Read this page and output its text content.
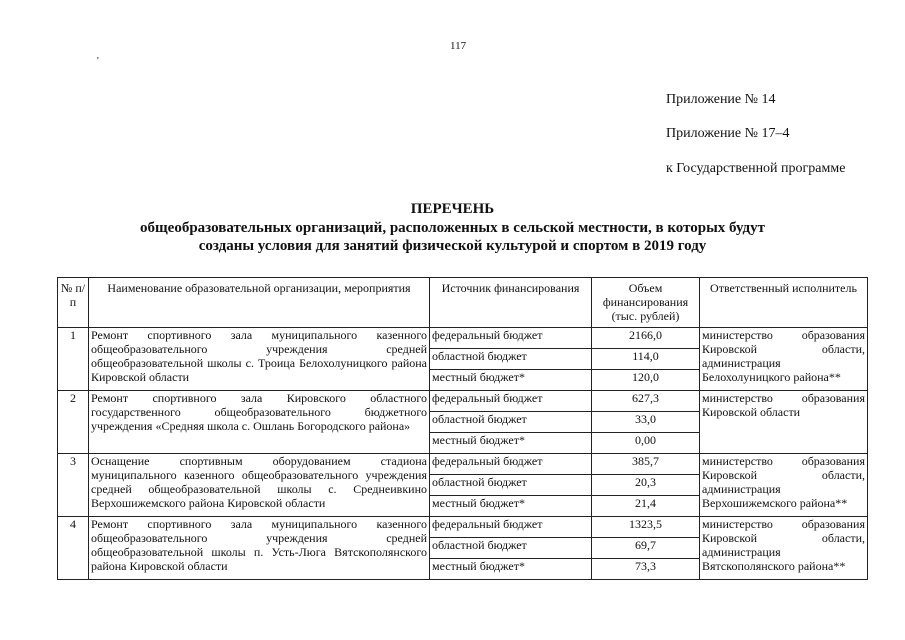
117
'
Приложение № 14
Приложение № 17–4
к Государственной программе
ПЕРЕЧЕНЬ
общеобразовательных организаций, расположенных в сельской местности, в которых будут
созданы условия для занятий физической культурой и спортом в 2019 году
№ п/п	Наименование образовательной организации, мероприятия	Источник финансирования	Объем финансирования (тыс. рублей)	Ответственный исполнитель
1	Ремонт спортивного зала муниципального казенного общеобразовательного учреждения средней общеобразовательной школы с. Троица Белохолуницкого района Кировской области	федеральный бюджет	2166,0	министерство образования Кировской области, администрация Белохолуницкого района**
		областной бюджет	114,0	
		местный бюджет*	120,0	
2	Ремонт спортивного зала Кировского областного государственного общеобразовательного бюджетного учреждения «Средняя школа с. Ошлань Богородского района»	федеральный бюджет	627,3	министерство образования Кировской области
		областной бюджет	33,0	
		местный бюджет*	0,00	
3	Оснащение спортивным оборудованием стадиона муниципального казенного общеобразовательного учреждения средней общеобразовательной школы с. Среднеивкино Верхошижемского района Кировской области	федеральный бюджет	385,7	министерство образования Кировской области, администрация Верхошижемского района**
		областной бюджет	20,3	
		местный бюджет*	21,4	
4	Ремонт спортивного зала муниципального казенного общеобразовательного учреждения средней общеобразовательной школы п. Усть-Люга Вятскополянского района Кировской области	федеральный бюджет	1323,5	министерство образования Кировской области, администрация Вятскополянского района**
		областной бюджет	69,7	
		местный бюджет*	73,3	
